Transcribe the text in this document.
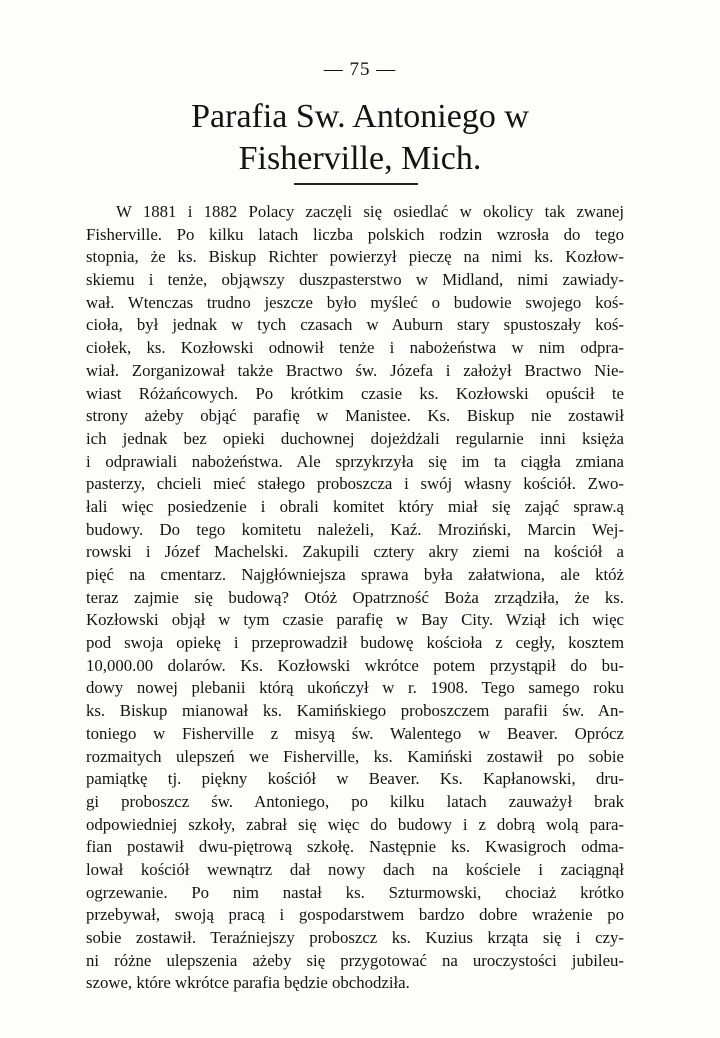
— 75 —
Parafia Sw. Antoniego w
Fisherville, Mich.
W 1881 i 1882 Polacy zaczęli się osiedlać w okolicy tak zwanej
Fisherville. Po kilku latach liczba polskich rodzin wzrosła do tego
stopnia, że ks. Biskup Richter powierzył pieczę na nimi ks. Kozłow-
skiemu i tenże, objąwszy duszpasterstwo w Midland, nimi zawiady-
wał. Wtenczas trudno jeszcze było myśleć o budowie swojego koś-
cioła, był jednak w tych czasach w Auburn stary spustoszały koś-
ciołek, ks. Kozłowski odnowił tenże i nabożeństwa w nim odpra-
wiał. Zorganizował także Bractwo św. Józefa i założył Bractwo Nie-
wiast Różańcowych. Po krótkim czasie ks. Kozłowski opuścił te
strony ażeby objąć parafię w Manistee. Ks. Biskup nie zostawił
ich jednak bez opieki duchownej dojeżdżali regularnie inni księża
i odprawiali nabożeństwa. Ale sprzykrzyła się im ta ciągła zmiana
pasterzy, chcieli mieć stałego proboszcza i swój własny kościół. Zwo-
łali więc posiedzenie i obrali komitet który miał się zająć spraw.ą
budowy. Do tego komitetu należeli, Kaź. Mroziński, Marcin Wej-
rowski i Józef Machelski. Zakupili cztery akry ziemi na kościół a
pięć na cmentarz. Najgłówniejsza sprawa była załatwiona, ale któż
teraz zajmie się budową? Otóż Opatrzność Boża zrządziła, że ks.
Kozłowski objął w tym czasie parafię w Bay City. Wziął ich więc
pod swoja opiekę i przeprowadził budowę kościoła z cegły, kosztem
10,000.00 dolarów. Ks. Kozłowski wkrótce potem przystąpił do bu-
dowy nowej plebanii którą ukończył w r. 1908. Tego samego roku
ks. Biskup mianował ks. Kamińskiego proboszczem parafii św. An-
toniego w Fisherville z misyą św. Walentego w Beaver. Oprócz
rozmaitych ulepszeń we Fisherville, ks. Kamiński zostawił po sobie
pamiątkę tj. piękny kościół w Beaver. Ks. Kapłanowski, dru-
gi proboszcz św. Antoniego, po kilku latach zauważył brak
odpowiedniej szkoły, zabrał się więc do budowy i z dobrą wolą para-
fian postawił dwu-piętrową szkołę. Następnie ks. Kwasigroch odma-
lował kościół wewnątrz dał nowy dach na kościele i zaciągnął
ogrzewanie. Po nim nastał ks. Szturmowski, chociaż krótko
przebywał, swoją pracą i gospodarstwem bardzo dobre wrażenie po
sobie zostawił. Teraźniejszy proboszcz ks. Kuzius krząta się i czy-
ni różne ulepszenia ażeby się przygotować na uroczystości jubileu-
szowe, które wkrótce parafia będzie obchodziła.
